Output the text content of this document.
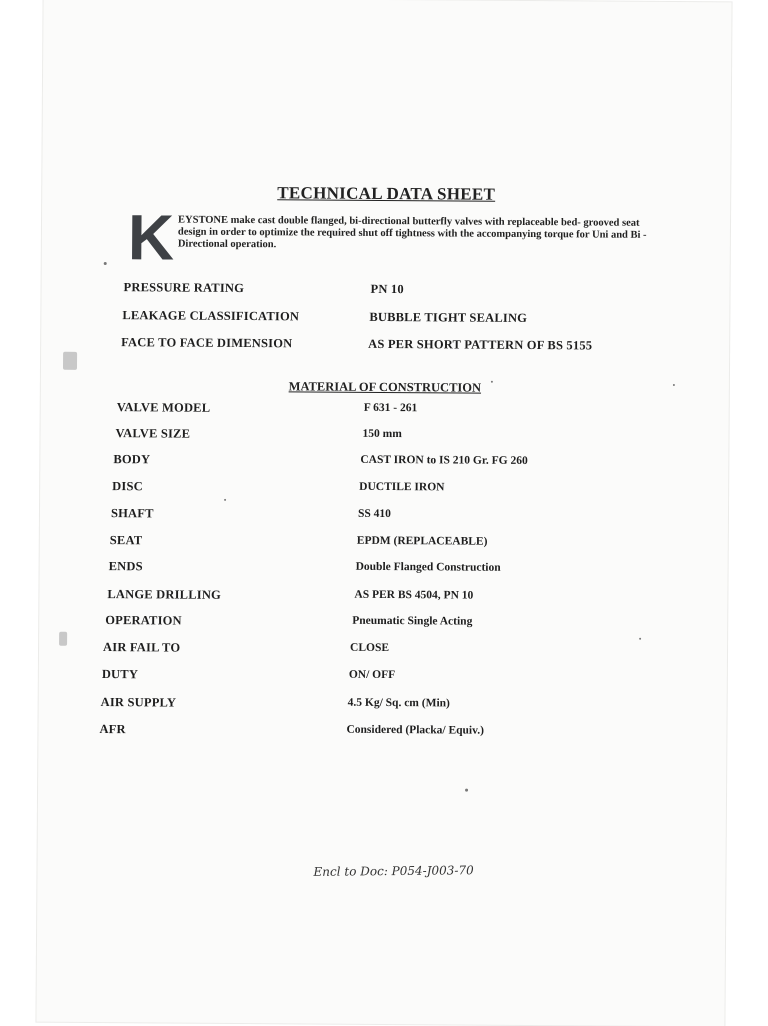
TECHNICAL DATA SHEET
K EYSTONE make cast double flanged, bi-directional butterfly valves with replaceable bed- grooved seat design in order to optimize the required shut off tightness with the accompanying torque for Uni and Bi - Directional operation.
PRESSURE RATING	PN 10
LEAKAGE CLASSIFICATION	BUBBLE TIGHT SEALING
FACE TO FACE DIMENSION	AS PER SHORT PATTERN OF BS 5155
MATERIAL OF CONSTRUCTION
VALVE MODEL	F 631 - 261
VALVE SIZE	150 mm
BODY	CAST IRON to IS 210 Gr. FG 260
DISC	DUCTILE IRON
SHAFT	SS 410
SEAT	EPDM (REPLACEABLE)
ENDS	Double Flanged Construction
LANGE DRILLING	AS PER BS 4504, PN 10
OPERATION	Pneumatic Single Acting
AIR FAIL TO	CLOSE
DUTY	ON/ OFF
AIR SUPPLY	4.5 Kg/ Sq. cm (Min)
AFR	Considered (Placka/ Equiv.)
Encl to Doc: P054-J003-70
